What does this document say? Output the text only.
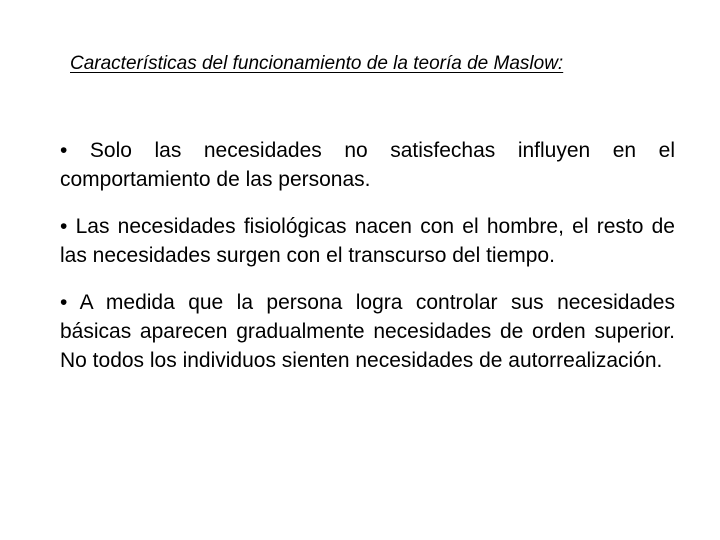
Características del funcionamiento de la teoría de Maslow:
• Solo las necesidades no satisfechas influyen en el comportamiento de las personas.
• Las necesidades fisiológicas nacen con el hombre, el resto de las necesidades surgen con el transcurso del tiempo.
• A medida que la persona logra controlar sus necesidades básicas aparecen gradualmente necesidades de orden superior. No todos los individuos sienten necesidades de autorrealización.
